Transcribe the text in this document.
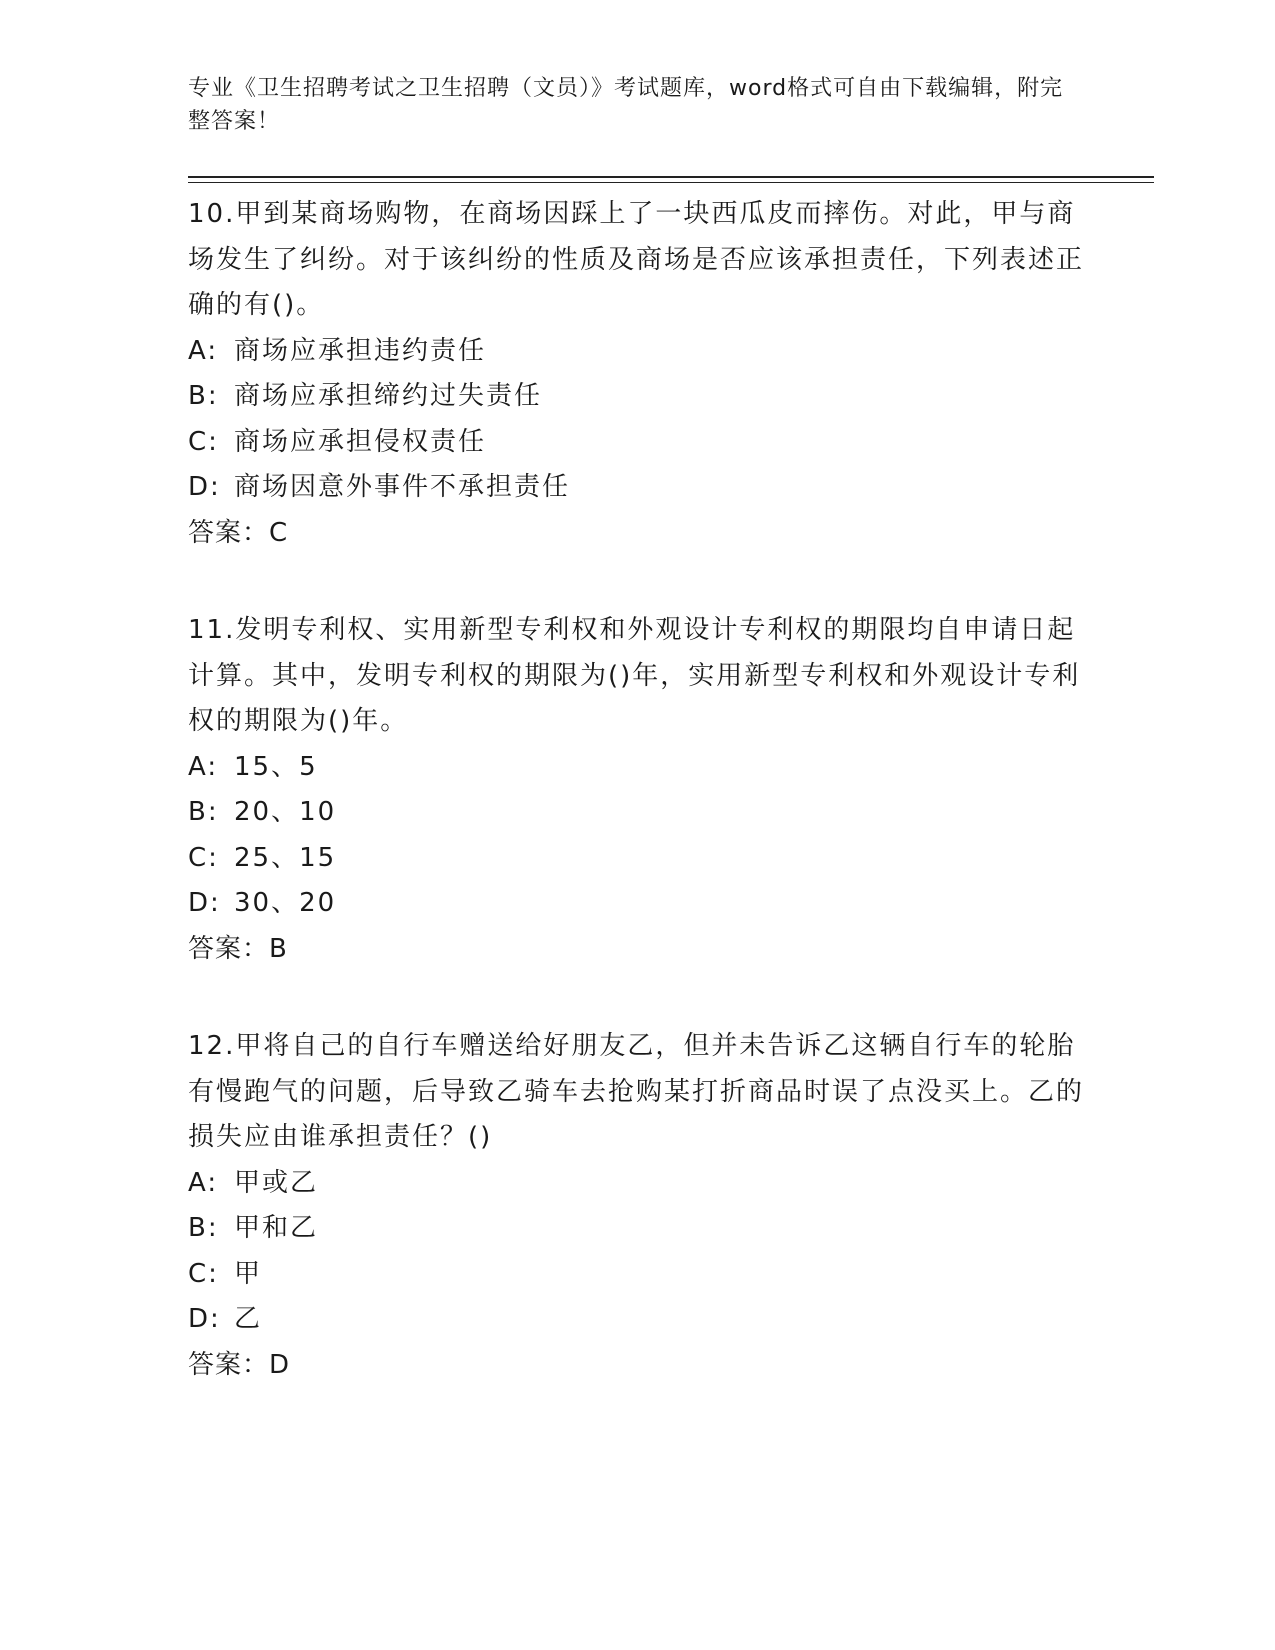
专业《卫生招聘考试之卫生招聘（文员）》考试题库，word格式可自由下载编辑，附完整答案！

10.甲到某商场购物，在商场因踩上了一块西瓜皮而摔伤。对此，甲与商场发生了纠纷。对于该纠纷的性质及商场是否应该承担责任，下列表述正确的有()。

A: 商场应承担违约责任

B: 商场应承担缔约过失责任

C: 商场应承担侵权责任

D: 商场因意外事件不承担责任

答案：C

11.发明专利权、实用新型专利权和外观设计专利权的期限均自申请日起计算。其中，发明专利权的期限为()年，实用新型专利权和外观设计专利权的期限为()年。

A: 15、5

B: 20、10

C: 25、15

D: 30、20

答案：B

12.甲将自己的自行车赠送给好朋友乙，但并未告诉乙这辆自行车的轮胎有慢跑气的问题，后导致乙骑车去抢购某打折商品时误了点没买上。乙的损失应由谁承担责任？()

A: 甲或乙

B: 甲和乙

C: 甲

D: 乙

答案：D
